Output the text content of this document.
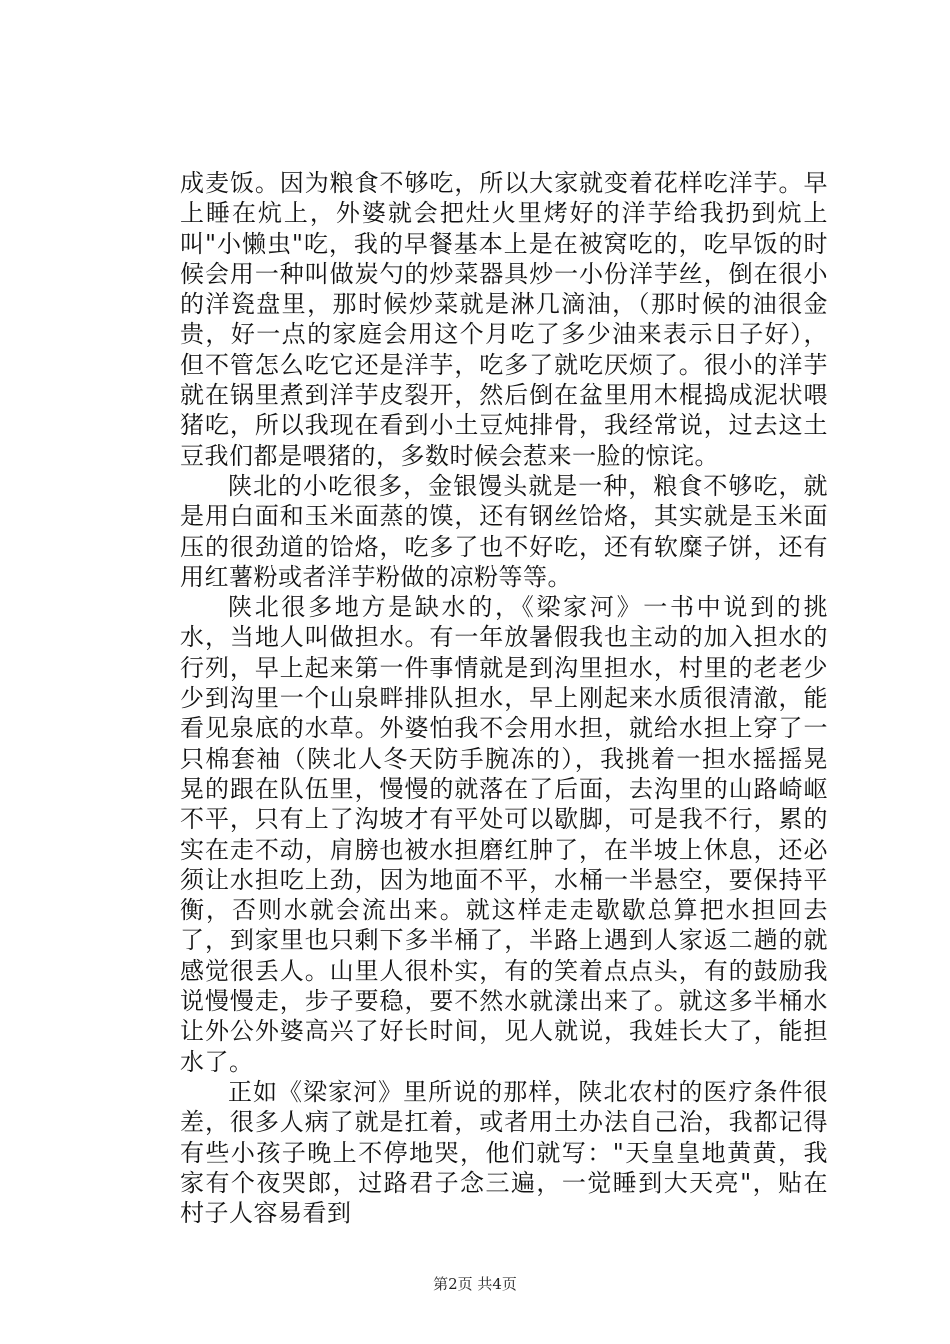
成麦饭。因为粮食不够吃，所以大家就变着花样吃洋芋。早上睡在炕上，外婆就会把灶火里烤好的洋芋给我扔到炕上叫"小懒虫"吃，我的早餐基本上是在被窝吃的，吃早饭的时候会用一种叫做炭勺的炒菜器具炒一小份洋芋丝，倒在很小的洋瓷盘里，那时候炒菜就是淋几滴油，（那时候的油很金贵，好一点的家庭会用这个月吃了多少油来表示日子好），但不管怎么吃它还是洋芋，吃多了就吃厌烦了。很小的洋芋就在锅里煮到洋芋皮裂开，然后倒在盆里用木棍捣成泥状喂猪吃，所以我现在看到小土豆炖排骨，我经常说，过去这土豆我们都是喂猪的，多数时候会惹来一脸的惊诧。

陕北的小吃很多，金银馒头就是一种，粮食不够吃，就是用白面和玉米面蒸的馍，还有钢丝饸烙，其实就是玉米面压的很劲道的饸烙，吃多了也不好吃，还有软糜子饼，还有用红薯粉或者洋芋粉做的凉粉等等。

陕北很多地方是缺水的，《梁家河》一书中说到的挑水，当地人叫做担水。有一年放暑假我也主动的加入担水的行列，早上起来第一件事情就是到沟里担水，村里的老老少少到沟里一个山泉畔排队担水，早上刚起来水质很清澈，能看见泉底的水草。外婆怕我不会用水担，就给水担上穿了一只棉套袖（陕北人冬天防手腕冻的），我挑着一担水摇摇晃晃的跟在队伍里，慢慢的就落在了后面，去沟里的山路崎岖不平，只有上了沟坡才有平处可以歇脚，可是我不行，累的实在走不动，肩膀也被水担磨红肿了，在半坡上休息，还必须让水担吃上劲，因为地面不平，水桶一半悬空，要保持平衡，否则水就会流出来。就这样走走歇歇总算把水担回去了，到家里也只剩下多半桶了，半路上遇到人家返二趟的就感觉很丢人。山里人很朴实，有的笑着点点头，有的鼓励我说慢慢走，步子要稳，要不然水就漾出来了。就这多半桶水让外公外婆高兴了好长时间，见人就说，我娃长大了，能担水了。

正如《梁家河》里所说的那样，陕北农村的医疗条件很差，很多人病了就是扛着，或者用土办法自己治，我都记得有些小孩子晚上不停地哭，他们就写："天皇皇地黄黄，我家有个夜哭郎，过路君子念三遍，一觉睡到大天亮"，贴在村子人容易看到

第2页 共4页
